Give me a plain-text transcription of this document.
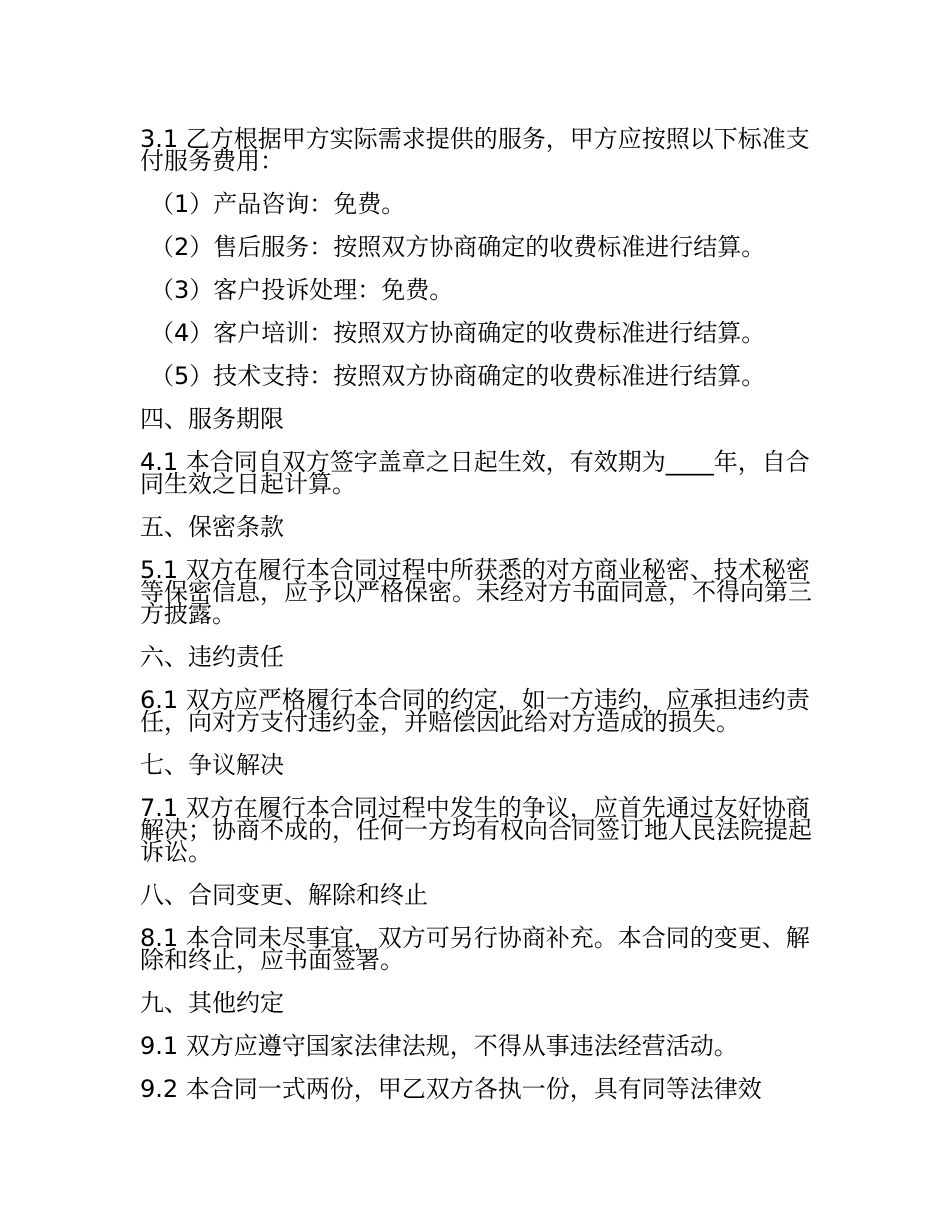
3.1 乙方根据甲方实际需求提供的服务，甲方应按照以下标准支付服务费用：

（1）产品咨询：免费。

（2）售后服务：按照双方协商确定的收费标准进行结算。

（3）客户投诉处理：免费。

（4）客户培训：按照双方协商确定的收费标准进行结算。

（5）技术支持：按照双方协商确定的收费标准进行结算。

四、服务期限

4.1 本合同自双方签字盖章之日起生效，有效期为____年，自合同生效之日起计算。

五、保密条款

5.1 双方在履行本合同过程中所获悉的对方商业秘密、技术秘密等保密信息，应予以严格保密。未经对方书面同意，不得向第三方披露。

六、违约责任

6.1 双方应严格履行本合同的约定，如一方违约，应承担违约责任，向对方支付违约金，并赔偿因此给对方造成的损失。

七、争议解决

7.1 双方在履行本合同过程中发生的争议，应首先通过友好协商解决；协商不成的，任何一方均有权向合同签订地人民法院提起诉讼。

八、合同变更、解除和终止

8.1 本合同未尽事宜，双方可另行协商补充。本合同的变更、解除和终止，应书面签署。

九、其他约定

9.1 双方应遵守国家法律法规，不得从事违法经营活动。

9.2 本合同一式两份，甲乙双方各执一份，具有同等法律效
